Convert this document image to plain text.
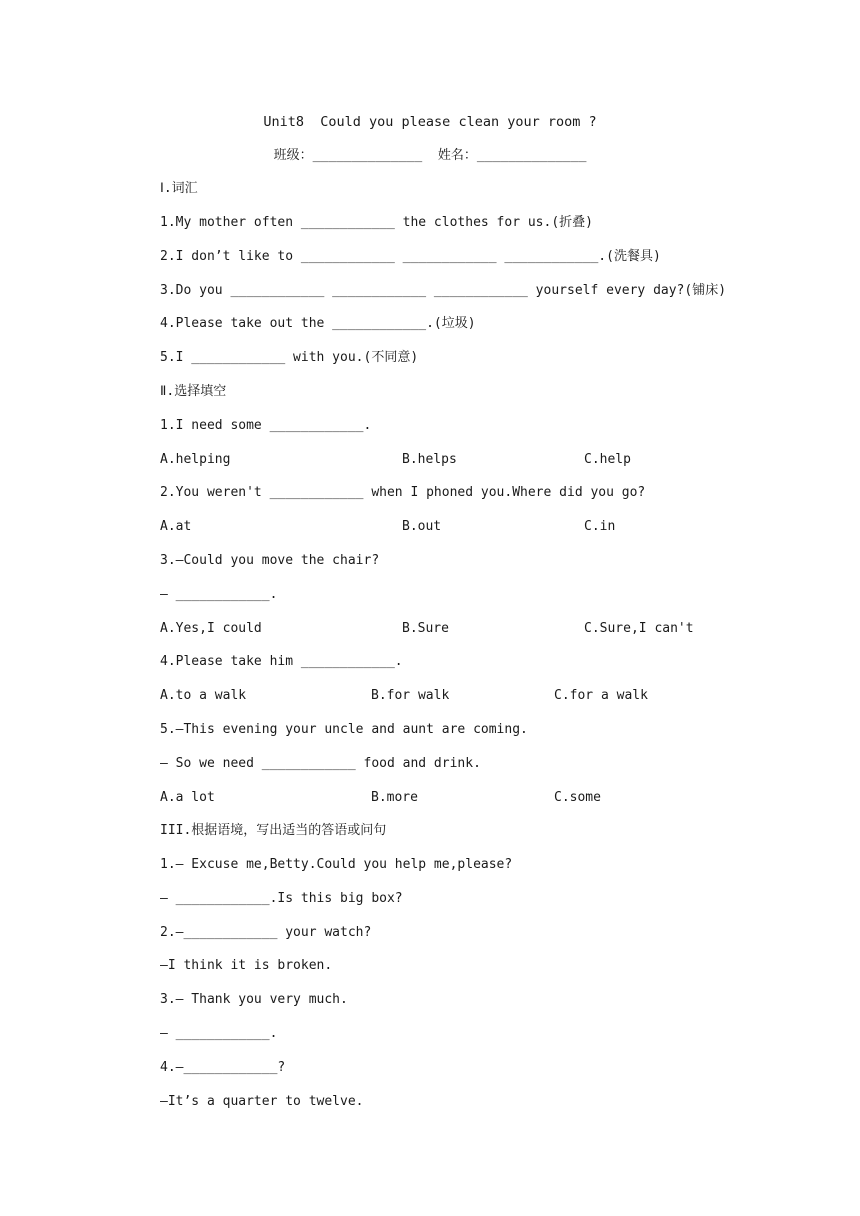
Unit8  Could you please clean your room ?
班级：______________  姓名：______________
Ⅰ.词汇
1.My mother often ____________ the clothes for us.(折叠)
2.I don’t like to ____________ ____________ ____________.(洗餐具)
3.Do you ____________ ____________ ____________ yourself every day?(铺床)
4.Please take out the ____________.(垃圾)
5.I ____________ with you.(不同意)
Ⅱ.选择填空
1.I need some ____________.
A.helping	B.helps	C.help
2.You weren't ____________ when I phoned you.Where did you go?
A.at	B.out	C.in
3.—Could you move the chair?
— ____________.
A.Yes,I could	B.Sure	C.Sure,I can't
4.Please take him ____________.
A.to a walk	B.for walk	C.for a walk
5.—This evening your uncle and aunt are coming.
— So we need ____________ food and drink.
A.a lot	B.more	C.some
III.根据语境，写出适当的答语或问句
1.— Excuse me,Betty.Could you help me,please?
— ____________.Is this big box?
2.—____________ your watch?
—I think it is broken.
3.— Thank you very much.
— ____________.
4.—____________?
—It’s a quarter to twelve.
